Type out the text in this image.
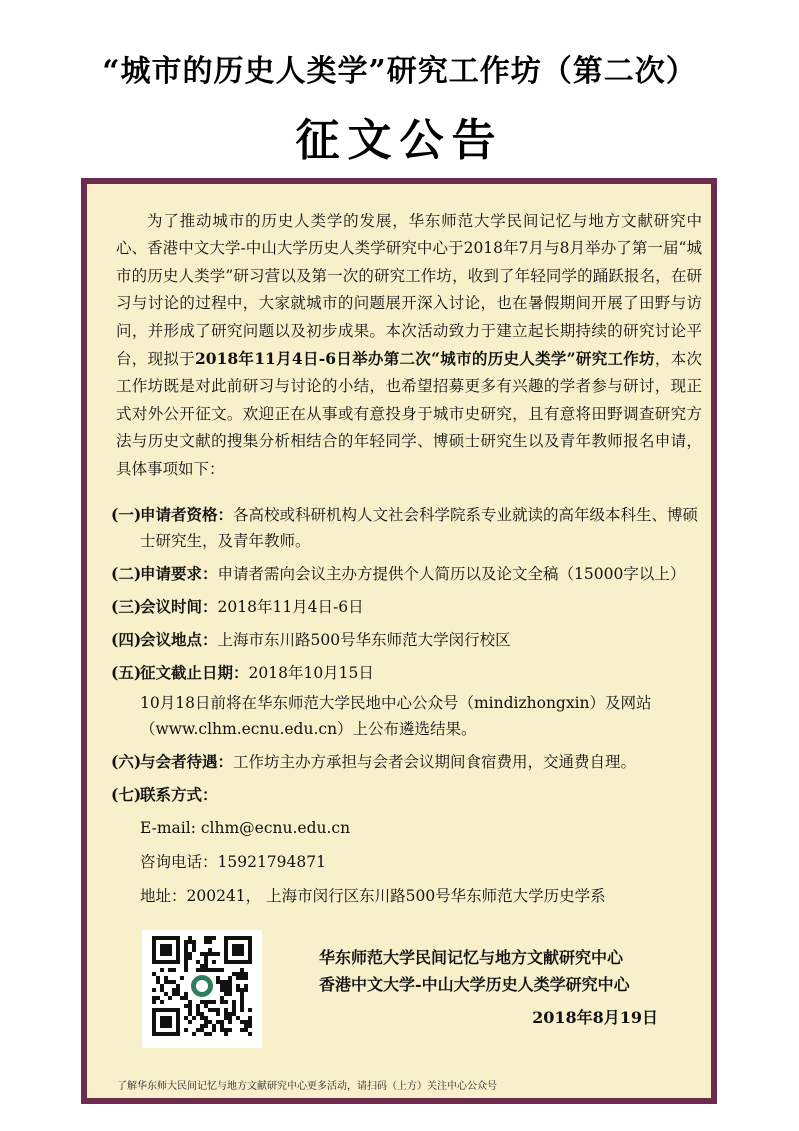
“城市的历史人类学”研究工作坊（第二次）
征文公告
为了推动城市的历史人类学的发展，华东师范大学民间记忆与地方文献研究中心、香港中文大学-中山大学历史人类学研究中心于2018年7月与8月举办了第一届“城市的历史人类学”研习营以及第一次的研究工作坊，收到了年轻同学的踊跃报名，在研习与讨论的过程中，大家就城市的问题展开深入讨论，也在暑假期间开展了田野与访问，并形成了研究问题以及初步成果。本次活动致力于建立起长期持续的研究讨论平台，现拟于2018年11月4日-6日举办第二次“城市的历史人类学”研究工作坊，本次工作坊既是对此前研习与讨论的小结，也希望招募更多有兴趣的学者参与研讨，现正式对外公开征文。欢迎正在从事或有意投身于城市史研究，且有意将田野调查研究方法与历史文献的搜集分析相结合的年轻同学、博硕士研究生以及青年教师报名申请，具体事项如下：
(一)
申请者资格：各高校或科研机构人文社会科学院系专业就读的高年级本科生、博硕士研究生，及青年教师。
(二)
申请要求：申请者需向会议主办方提供个人简历以及论文全稿（15000字以上）
(三)
会议时间：2018年11月4日-6日
(四)
会议地点：上海市东川路500号华东师范大学闵行校区
(五)
征文截止日期：2018年10月15日
10月18日前将在华东师范大学民地中心公众号（mindizhongxin）及网站（www.clhm.ecnu.edu.cn）上公布遴选结果。
(六)
与会者待遇：工作坊主办方承担与会者会议期间食宿费用，交通费自理。
(七)
联系方式：
E-mail: clhm@ecnu.edu.cn
咨询电话：15921794871
地址：200241， 上海市闵行区东川路500号华东师范大学历史学系
华东师范大学民间记忆与地方文献研究中心
香港中文大学-中山大学历史人类学研究中心
2018年8月19日
了解华东师大民间记忆与地方文献研究中心更多活动，请扫码（上方）关注中心公众号
